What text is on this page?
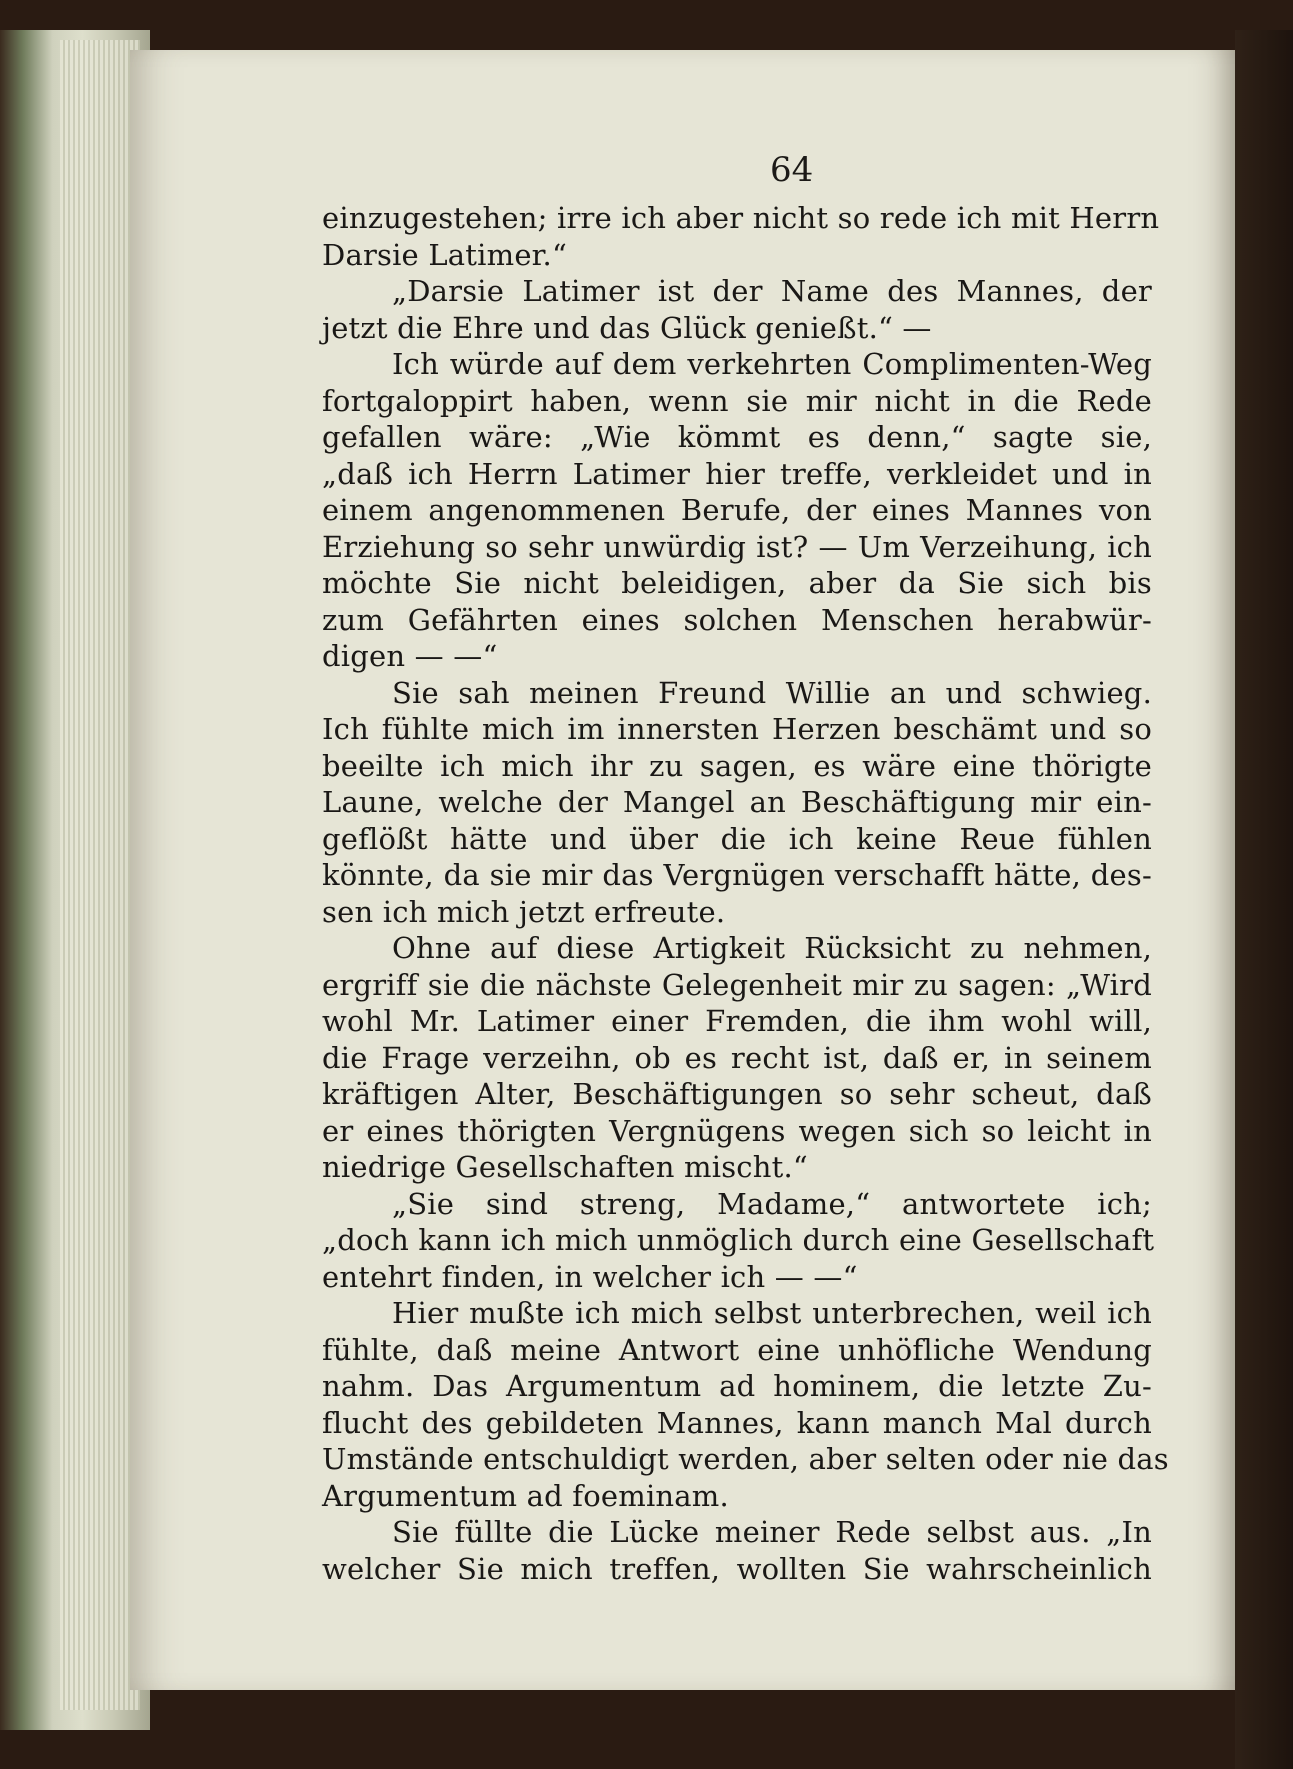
64
einzugestehen; irre ich aber nicht so rede ich mit Herrn
Darsie Latimer.“
„Darsie Latimer ist der Name des Mannes, der
jetzt die Ehre und das Glück genießt.“ —
Ich würde auf dem verkehrten Complimenten-Weg
fortgaloppirt haben, wenn sie mir nicht in die Rede
gefallen wäre: „Wie kömmt es denn,“ sagte sie,
„daß ich Herrn Latimer hier treffe, verkleidet und in
einem angenommenen Berufe, der eines Mannes von
Erziehung so sehr unwürdig ist? — Um Verzeihung, ich
möchte Sie nicht beleidigen, aber da Sie sich bis
zum Gefährten eines solchen Menschen herabwür-
digen — —“
Sie sah meinen Freund Willie an und schwieg.
Ich fühlte mich im innersten Herzen beschämt und so
beeilte ich mich ihr zu sagen, es wäre eine thörigte
Laune, welche der Mangel an Beschäftigung mir ein-
geflößt hätte und über die ich keine Reue fühlen
könnte, da sie mir das Vergnügen verschafft hätte, des-
sen ich mich jetzt erfreute.
Ohne auf diese Artigkeit Rücksicht zu nehmen,
ergriff sie die nächste Gelegenheit mir zu sagen: „Wird
wohl Mr. Latimer einer Fremden, die ihm wohl will,
die Frage verzeihn, ob es recht ist, daß er, in seinem
kräftigen Alter, Beschäftigungen so sehr scheut, daß
er eines thörigten Vergnügens wegen sich so leicht in
niedrige Gesellschaften mischt.“
„Sie sind streng, Madame,“ antwortete ich;
„doch kann ich mich unmöglich durch eine Gesellschaft
entehrt finden, in welcher ich — —“
Hier mußte ich mich selbst unterbrechen, weil ich
fühlte, daß meine Antwort eine unhöfliche Wendung
nahm. Das Argumentum ad hominem, die letzte Zu-
flucht des gebildeten Mannes, kann manch Mal durch
Umstände entschuldigt werden, aber selten oder nie das
Argumentum ad foeminam.
Sie füllte die Lücke meiner Rede selbst aus. „In
welcher Sie mich treffen, wollten Sie wahrscheinlich
